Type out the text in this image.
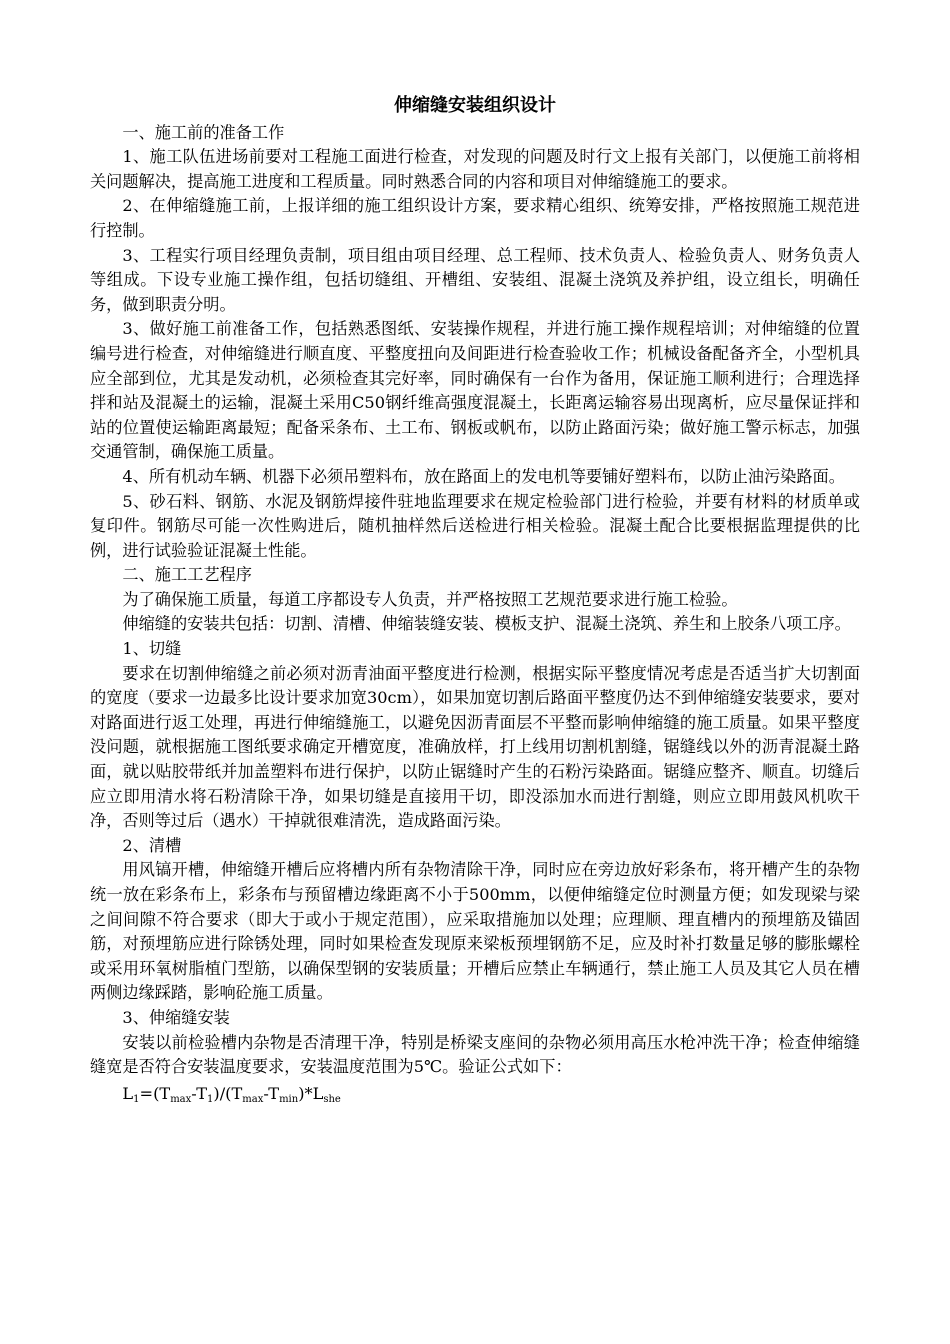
伸缩缝安装组织设计

一、施工前的准备工作

1、施工队伍进场前要对工程施工面进行检查，对发现的问题及时行文上报有关部门，以便施工前将相关问题解决，提高施工进度和工程质量。同时熟悉合同的内容和项目对伸缩缝施工的要求。

2、在伸缩缝施工前，上报详细的施工组织设计方案，要求精心组织、统筹安排，严格按照施工规范进行控制。

3、工程实行项目经理负责制，项目组由项目经理、总工程师、技术负责人、检验负责人、财务负责人等组成。下设专业施工操作组，包括切缝组、开槽组、安装组、混凝土浇筑及养护组，设立组长，明确任务，做到职责分明。

3、做好施工前准备工作，包括熟悉图纸、安装操作规程，并进行施工操作规程培训；对伸缩缝的位置编号进行检查，对伸缩缝进行顺直度、平整度扭向及间距进行检查验收工作；机械设备配备齐全，小型机具应全部到位，尤其是发动机，必须检查其完好率，同时确保有一台作为备用，保证施工顺利进行；合理选择拌和站及混凝土的运输，混凝土采用C50钢纤维高强度混凝土，长距离运输容易出现离析，应尽量保证拌和站的位置使运输距离最短；配备采条布、土工布、钢板或帆布，以防止路面污染；做好施工警示标志，加强交通管制，确保施工质量。

4、所有机动车辆、机器下必须吊塑料布，放在路面上的发电机等要铺好塑料布，以防止油污染路面。

5、砂石料、钢筋、水泥及钢筋焊接件驻地监理要求在规定检验部门进行检验，并要有材料的材质单或复印件。钢筋尽可能一次性购进后，随机抽样然后送检进行相关检验。混凝土配合比要根据监理提供的比例，进行试验验证混凝土性能。

二、施工工艺程序

为了确保施工质量，每道工序都设专人负责，并严格按照工艺规范要求进行施工检验。

伸缩缝的安装共包括：切割、清槽、伸缩装缝安装、模板支护、混凝土浇筑、养生和上胶条八项工序。

1、切缝

要求在切割伸缩缝之前必须对沥青油面平整度进行检测，根据实际平整度情况考虑是否适当扩大切割面的宽度（要求一边最多比设计要求加宽30cm），如果加宽切割后路面平整度仍达不到伸缩缝安装要求，要对对路面进行返工处理，再进行伸缩缝施工，以避免因沥青面层不平整而影响伸缩缝的施工质量。如果平整度没问题，就根据施工图纸要求确定开槽宽度，准确放样，打上线用切割机割缝，锯缝线以外的沥青混凝土路面，就以贴胶带纸并加盖塑料布进行保护，以防止锯缝时产生的石粉污染路面。锯缝应整齐、顺直。切缝后应立即用清水将石粉清除干净，如果切缝是直接用干切，即没添加水而进行割缝，则应立即用鼓风机吹干净，否则等过后（遇水）干掉就很难清洗，造成路面污染。

2、清槽

用风镐开槽，伸缩缝开槽后应将槽内所有杂物清除干净，同时应在旁边放好彩条布，将开槽产生的杂物统一放在彩条布上，彩条布与预留槽边缘距离不小于500mm，以便伸缩缝定位时测量方便；如发现梁与梁之间间隙不符合要求（即大于或小于规定范围），应采取措施加以处理；应理顺、理直槽内的预埋筋及锚固筋，对预埋筋应进行除锈处理，同时如果检查发现原来梁板预埋钢筋不足，应及时补打数量足够的膨胀螺栓或采用环氧树脂植门型筋，以确保型钢的安装质量；开槽后应禁止车辆通行，禁止施工人员及其它人员在槽两侧边缘踩踏，影响砼施工质量。

3、伸缩缝安装

安装以前检验槽内杂物是否清理干净，特别是桥梁支座间的杂物必须用高压水枪冲洗干净；检查伸缩缝缝宽是否符合安装温度要求，安装温度范围为5℃。验证公式如下：

$L_1=(T_{max}-T_1)/(T_{max}-T_{min})*L_{she}$
